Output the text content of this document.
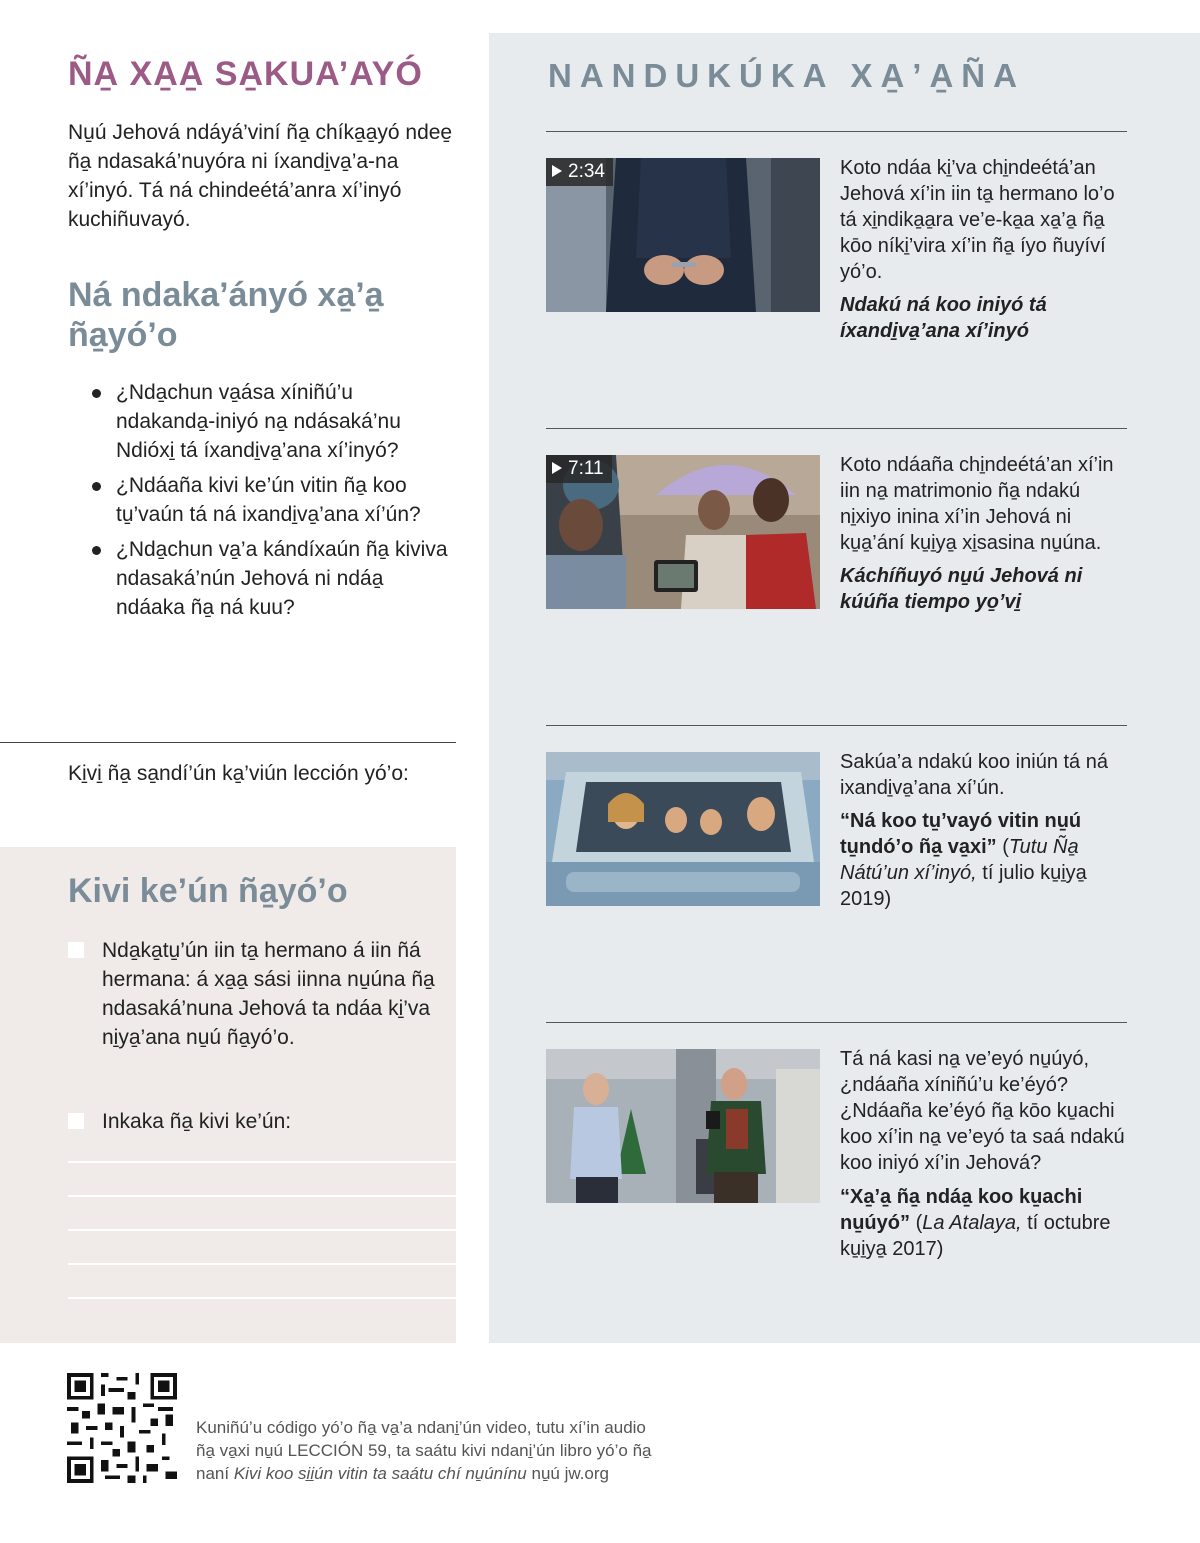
ÑA̱ XA̱A̱ SA̱KUA’AYÓ

Nu̱ú Jehová ndáyá’viní ña̱ chíka̱a̱yó ndee̱ ña̱ ndasaká’nuyóra ni íxandi̱va̱’a-na xí’inyó. Tá ná chindeétá’anra xí’inyó kuchiñuvayó.

Ná ndaka’ányó xa̱’a̱ ña̱yó’o
¿Nda̱chun va̱ása xíniñú’u ndakanda̱-iniyó na̱ ndásaká’nu Ndióxi̱ tá íxandi̱va̱’ana xí’inyó?
¿Ndáaña kivi ke’ún vitin ña̱ koo tu̱’vaún tá ná ixandi̱va̱’ana xí’ún?
¿Nda̱chun va̱’a kándíxaún ña̱ kiviva ndasaká’nún Jehová ni ndáa̱ ndáaka ña̱ ná kuu?
Ki̱vi̱ ña̱ sa̱ndí’ún ka̱’viún lección yó’o:
Kivi ke’ún ña̱yó’o
Nda̱ka̱tu̱’ún iin ta̱ hermano á iin ñá hermana: á xa̱a̱ sási iinna nu̱úna ña̱ ndasaká’nuna Jehová ta ndáa ki̱’va ni̱ya̱’ana nu̱ú ña̱yó’o.
Inkaka ña̱ kivi ke’ún:
NANDUKÚKA XA̱’A̱ÑA
2:34	Koto ndáa ki̱’va chi̱ndeétá’an Jehová xí’in iin ta̱ hermano lo’o tá xi̱ndika̱a̱ra ve’e-ka̱a xa̱’a̱ ña̱ kōo níki̱’vira xí’in ña̱ íyo ñuyíví yó’o.
Ndakú ná koo iniyó tá íxandi̱va̱’ana xí’inyó
7:11	Koto ndáaña chi̱ndeétá’an xí’in iin na̱ matrimonio ña̱ ndakú ni̱xiyo inina xí’in Jehová ni ku̱a̱’ání ku̱i̱ya̱ xi̱sasina nu̱úna.
Káchíñuyó nu̱ú Jehová ni kúúña tiempo yo̱’vi̱
Sakúa’a ndakú koo iniún tá ná ixandi̱va̱’ana xí’ún.
“Ná koo tu̱’vayó vitin nu̱ú tu̱ndó’o ña̱ va̱xi” (Tutu Ña̱ Nátú’un xí’inyó, tí julio ku̱i̱ya̱ 2019)
Tá ná kasi na̱ ve’eyó nu̱úyó, ¿ndáaña xíniñú’u ke’éyó? ¿Ndáaña ke’éyó ña̱ kōo ku̱achi koo xí’in na̱ ve’eyó ta saá ndakú koo iniyó xí’in Jehová?
“Xa̱’a̱ ña̱ ndáa̱ koo ku̱achi nu̱úyó” (La Atalaya, tí octubre ku̱i̱ya̱ 2017)
Kuniñú’u código yó’o ña̱ va̱’a ndani̱’ún video, tutu xí’in audio
ña̱ va̱xi nu̱ú LECCIÓN 59, ta saátu kivi ndani̱’ún libro yó’o ña̱
naní Kivi koo si̱i̱ún vitin ta saátu chí nu̱únínu nu̱ú jw.org
